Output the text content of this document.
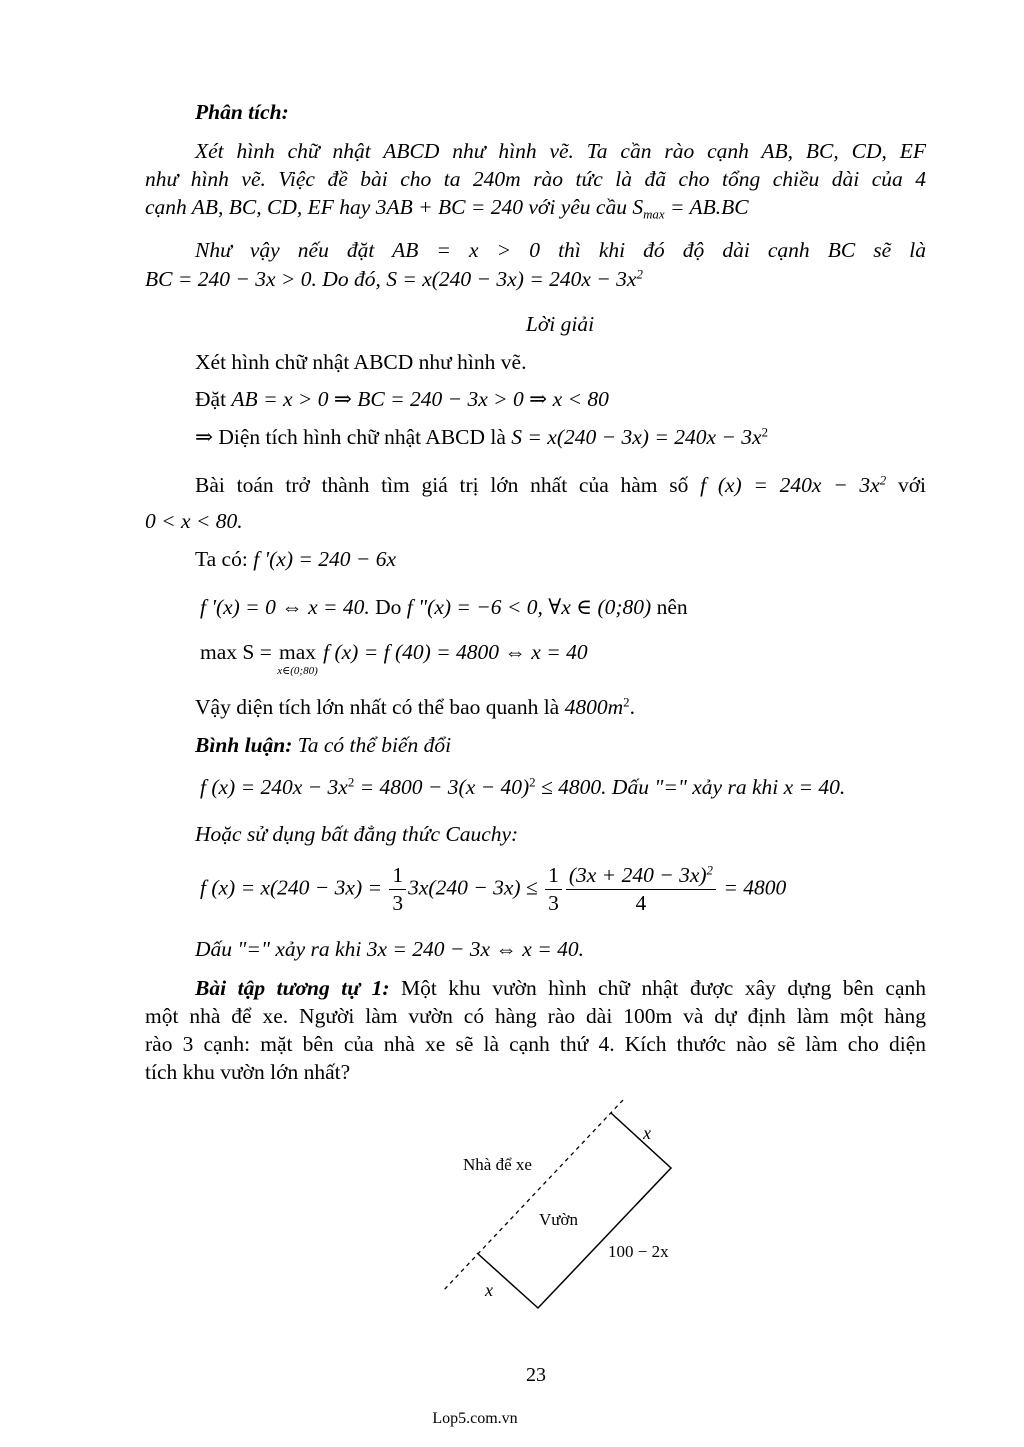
Phân tích:
Xét hình chữ nhật ABCD như hình vẽ. Ta cần rào cạnh AB, BC, CD, EF
như hình vẽ. Việc đề bài cho ta 240m rào tức là đã cho tổng chiều dài của 4
cạnh AB, BC, CD, EF hay 3AB + BC = 240 với yêu cầu $S_{max} = AB.BC$
Như vậy nếu đặt AB = x > 0 thì khi đó độ dài cạnh BC sẽ là
BC = 240 − 3x > 0. Do đó, $S = x(240 - 3x) = 240x - 3x^2$
Lời giải
Xét hình chữ nhật ABCD như hình vẽ.
Đặt AB = x > 0 ⇒ BC = 240 − 3x > 0 ⇒ x < 80
⇒ Diện tích hình chữ nhật ABCD là $S = x(240 - 3x) = 240x - 3x^2$
Bài toán trở thành tìm giá trị lớn nhất của hàm số f $(x) = 240x - 3x^2$ với
0 < x < 80.
Ta có: f '(x) = 240 − 6x
f '(x) = 0 ⇔ x = 40. Do f "(x) = −6 < 0, ∀x ∈ (0;80) nên
max S = max
x∈(0;80)
f (x) = f (40) = 4800 ⇔ x = 40
Vậy diện tích lớn nhất có thể bao quanh là $4800m^2$.
Bình luận: Ta có thể biến đổi
f $(x) = 240x - 3x^2 = 4800 - 3(x - 40)^2 \le 4800$. Dấu "=" xảy ra khi x = 40.
Hoặc sử dụng bất đẳng thức Cauchy:
f $(x) = x(240 - 3x) = \frac{1}{3} 3x(240 - 3x) \le \frac{1}{3} \frac{(3x + 240 - 3x)^2}{4} = 4800$
Dấu "=" xảy ra khi 3x = 240 − 3x ⇔ x = 40.
Bài tập tương tự 1: Một khu vườn hình chữ nhật được xây dựng bên cạnh
một nhà để xe. Người làm vườn có hàng rào dài 100m và dự định làm một hàng
rào 3 cạnh: mặt bên của nhà xe sẽ là cạnh thứ 4. Kích thước nào sẽ làm cho diện
tích khu vườn lớn nhất?
Nhà để xe
Vườn
100 − 2x
x
x
23
Lop5.com.vn
